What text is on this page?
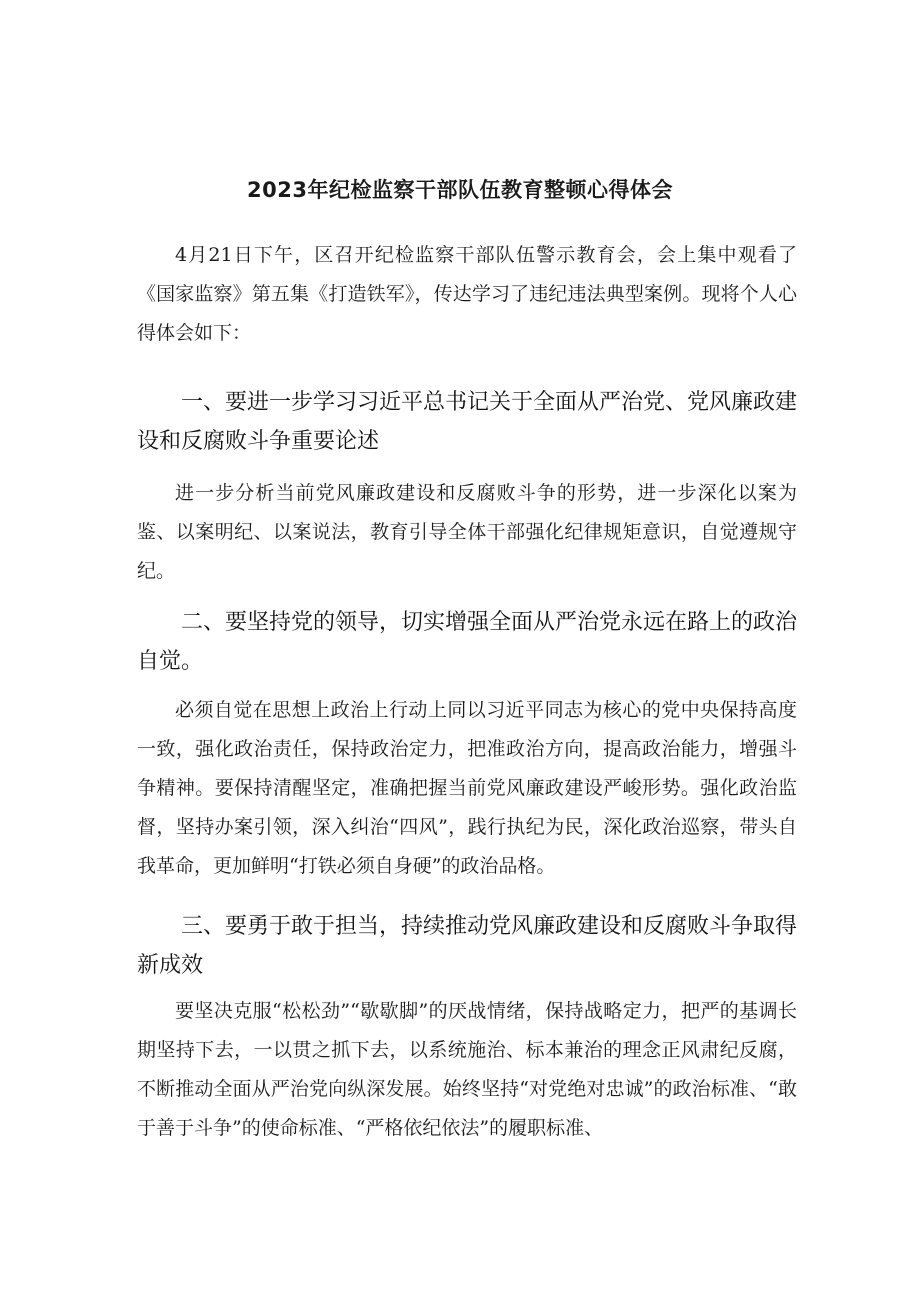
2023年纪检监察干部队伍教育整顿心得体会
4月21日下午，区召开纪检监察干部队伍警示教育会，会上集中观看了《国家监察》第五集《打造铁军》，传达学习了违纪违法典型案例。现将个人心得体会如下：
一、要进一步学习习近平总书记关于全面从严治党、党风廉政建设和反腐败斗争重要论述
进一步分析当前党风廉政建设和反腐败斗争的形势，进一步深化以案为鉴、以案明纪、以案说法，教育引导全体干部强化纪律规矩意识，自觉遵规守纪。
二、要坚持党的领导，切实增强全面从严治党永远在路上的政治自觉。
必须自觉在思想上政治上行动上同以习近平同志为核心的党中央保持高度一致，强化政治责任，保持政治定力，把准政治方向，提高政治能力，增强斗争精神。要保持清醒坚定，准确把握当前党风廉政建设严峻形势。强化政治监督，坚持办案引领，深入纠治“四风”，践行执纪为民，深化政治巡察，带头自我革命，更加鲜明“打铁必须自身硬”的政治品格。
三、要勇于敢于担当，持续推动党风廉政建设和反腐败斗争取得新成效
要坚决克服“松松劲”“歇歇脚”的厌战情绪，保持战略定力，把严的基调长期坚持下去，一以贯之抓下去，以系统施治、标本兼治的理念正风肃纪反腐，不断推动全面从严治党向纵深发展。始终坚持“对党绝对忠诚”的政治标准、“敢于善于斗争”的使命标准、“严格依纪依法”的履职标准、
